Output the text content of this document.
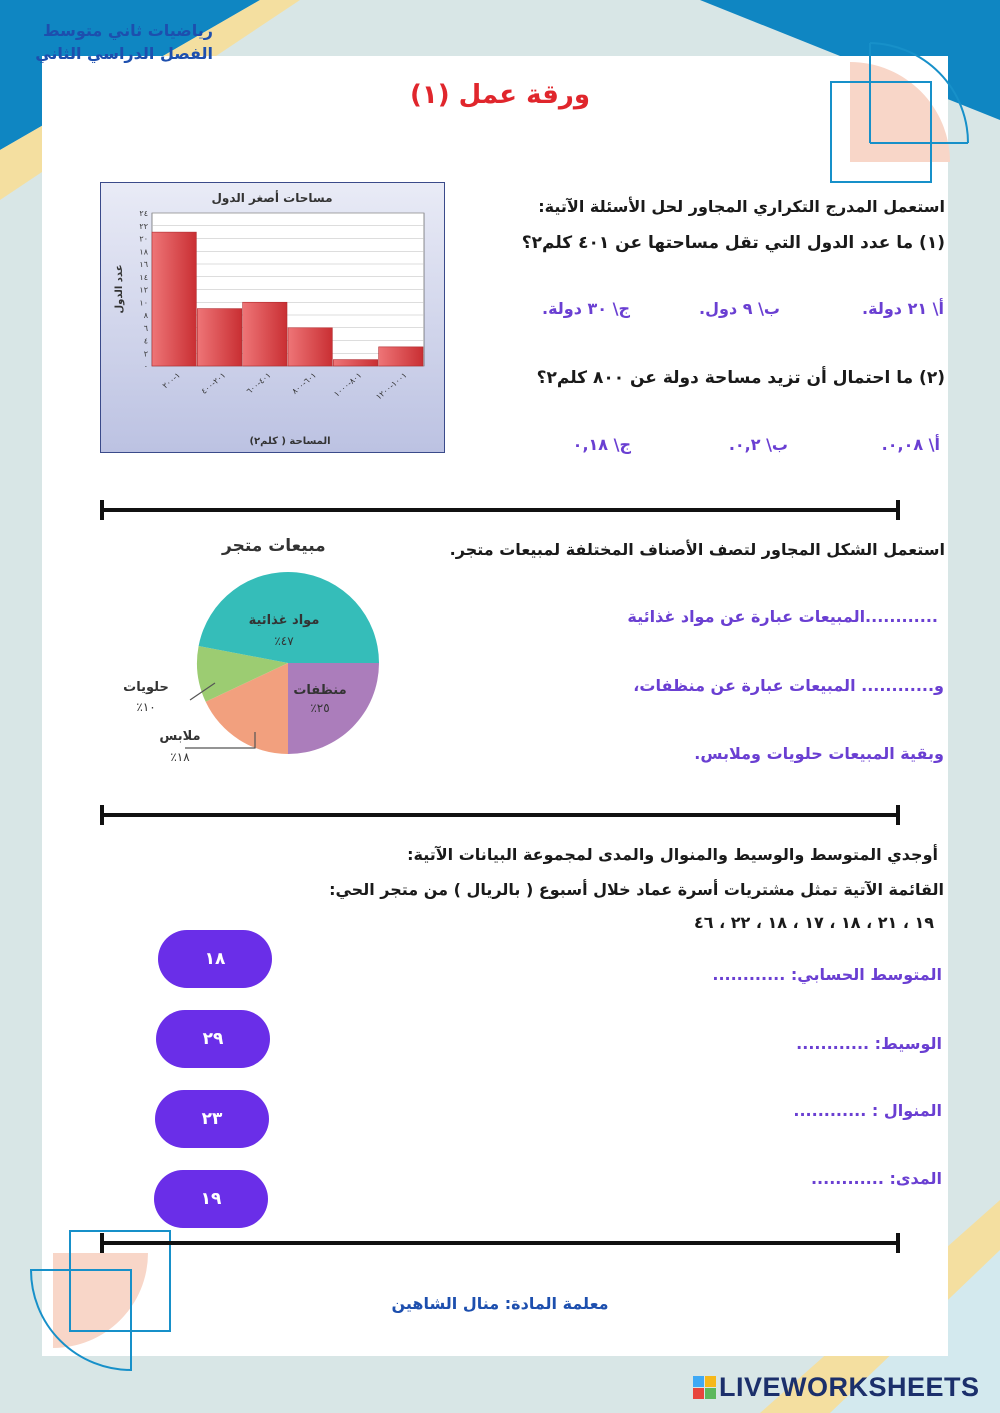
رياضيات ثاني متوسط
الفصل الدراسي الثاني
ورقة عمل (١)
٠
٢
٤
٦
٨
١٠
١٢
١٤
١٦
١٨
٢٠
٢٢
٢٤
١-٢٠٠
٢٠١-٤٠٠
٤٠١-٦٠٠
٦٠١-٨٠٠
٨٠١-١٠٠٠
١٠٠١-١٢٠٠
مساحات أصغر الدول
عدد الدول
المساحة ( كلم٢)
استعمل المدرج التكراري المجاور لحل الأسئلة الآتية:
(١) ما عدد الدول التي تقل مساحتها عن ٤٠١ كلم٢؟
أ\ ٢١ دولة.
ب\ ٩ دول.
ج\ ٣٠ دولة.
(٢) ما احتمال أن تزيد مساحة دولة عن ٨٠٠ كلم٢؟
أ\ ٠,٠٨.
ب\ ٠,٢.
ج\ ٠,١٨
مبيعات متجر
مواد غذائية
٪٤٧
منظفات
٪٢٥
ملابس
٪١٨
حلويات
٪١٠
استعمل الشكل المجاور لتصف الأصناف المختلفة لمبيعات متجر.
............المبيعات عبارة عن مواد غذائية
و............ المبيعات عبارة عن منظفات،
وبقية المبيعات حلويات وملابس.
أوجدي المتوسط والوسيط والمنوال والمدى لمجموعة البيانات الآتية:
القائمة الآتية تمثل مشتريات أسرة عماد خلال أسبوع ( بالريال ) من متجر الحي:
١٩ ، ٢١ ، ١٨ ، ١٧ ، ١٨ ، ٢٢ ، ٤٦
المتوسط الحسابي: ............
الوسيط: ............
المنوال : ............
المدى: ............
١٨
٢٩
٢٣
١٩
معلمة المادة: منال الشاهين
LIVEWORKSHEETS
